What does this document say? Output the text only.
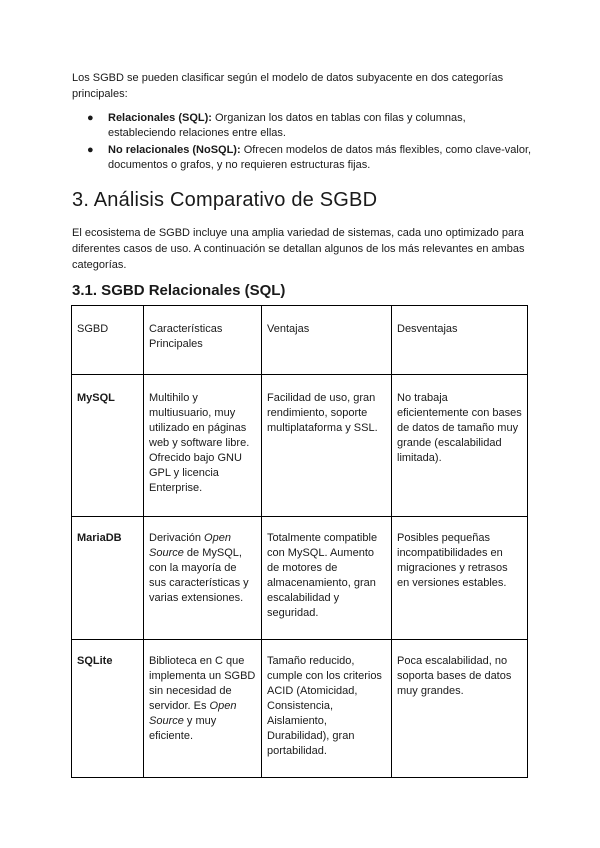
Los SGBD se pueden clasificar según el modelo de datos subyacente en dos categorías principales:

● Relacionales (SQL): Organizan los datos en tablas con filas y columnas, estableciendo relaciones entre ellas.
● No relacionales (NoSQL): Ofrecen modelos de datos más flexibles, como clave-valor, documentos o grafos, y no requieren estructuras fijas.
3. Análisis Comparativo de SGBD

El ecosistema de SGBD incluye una amplia variedad de sistemas, cada uno optimizado para diferentes casos de uso. A continuación se detallan algunos de los más relevantes en ambas categorías.

3.1. SGBD Relacionales (SQL)
SGBD	Características Principales	Ventajas	Desventajas
MySQL	Multihilo y multiusuario, muy utilizado en páginas web y software libre. Ofrecido bajo GNU GPL y licencia Enterprise.	Facilidad de uso, gran rendimiento, soporte multiplataforma y SSL.	No trabaja eficientemente con bases de datos de tamaño muy grande (escalabilidad limitada).
MariaDB	Derivación Open Source de MySQL, con la mayoría de sus características y varias extensiones.	Totalmente compatible con MySQL. Aumento de motores de almacenamiento, gran escalabilidad y seguridad.	Posibles pequeñas incompatibilidades en migraciones y retrasos en versiones estables.
SQLite	Biblioteca en C que implementa un SGBD sin necesidad de servidor. Es Open Source y muy eficiente.	Tamaño reducido, cumple con los criterios ACID (Atomicidad, Consistencia, Aislamiento, Durabilidad), gran portabilidad.	Poca escalabilidad, no soporta bases de datos muy grandes.
